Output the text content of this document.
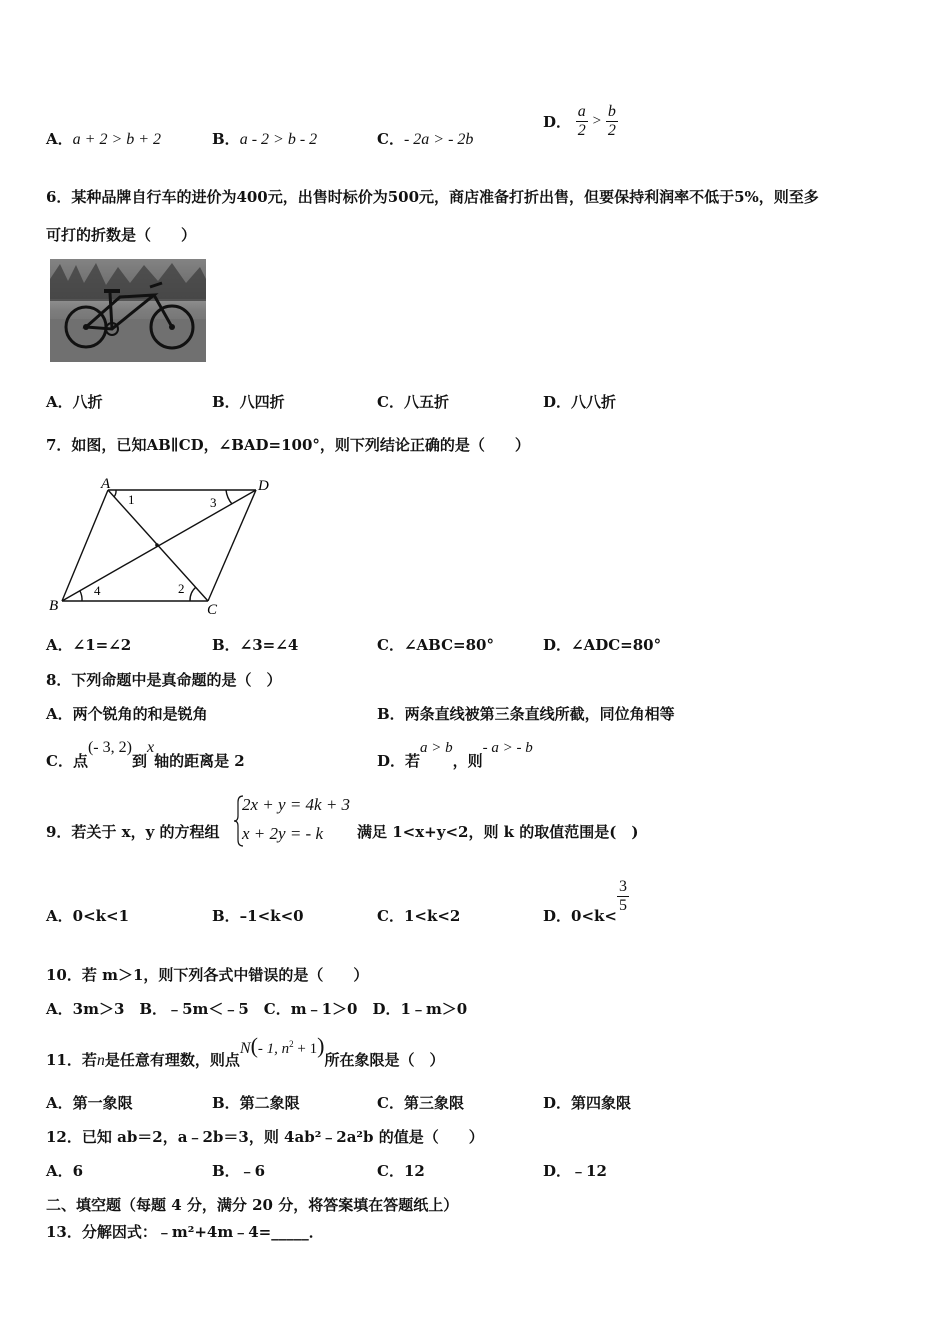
A．a + 2 > b + 2	B．a - 2 > b - 2	C．- 2a > - 2b
D． $\frac{a}{2} > \frac{b}{2}$
6．某种品牌自行车的进价为400元，出售时标价为500元，商店准备打折出售，但要保持利润率不低于5%，则至多
可打的折数是（　　）
A．八折	B．八四折	C．八五折	D．八八折
7．如图，已知AB∥CD，∠BAD=100°，则下列结论正确的是（　　）
A	D
B	C
1	3
4	2
A．∠1=∠2	B．∠3=∠4	C．∠ABC=80°	D．∠ADC=80°
8．下列命题中是真命题的是（　）
A．两个锐角的和是锐角	B．两条直线被第三条直线所截，同位角相等
C．点(- 3, 2)到x轴的距离是 2	D．若a > b，则- a > - b
9．若关于 x，y 的方程组
2x + y = 4k + 3
x + 2y = - k 满足 1<x+y<2，则 k 的取值范围是(　)
A．0<k<1	B．–1<k<0	C．1<k<2	D．0<k<
$\frac{3}{5}$
10．若 m＞1，则下列各式中错误的是（　　）
A．3m＞3　B．﹣5m＜﹣5　C．m﹣1＞0　D．1﹣m＞0
11．若n是任意有理数，则点N(- 1, $n^2 + 1$)所在象限是（　）
A．第一象限	B．第二象限	C．第三象限	D．第四象限
12．已知 ab＝2，a﹣2b＝3，则 4ab²﹣2a²b 的值是（　　）
A．6	B．﹣6	C．12	D．﹣12
二、填空题（每题 4 分，满分 20 分，将答案填在答题纸上）
13．分解因式：﹣m²+4m﹣4=_____．
